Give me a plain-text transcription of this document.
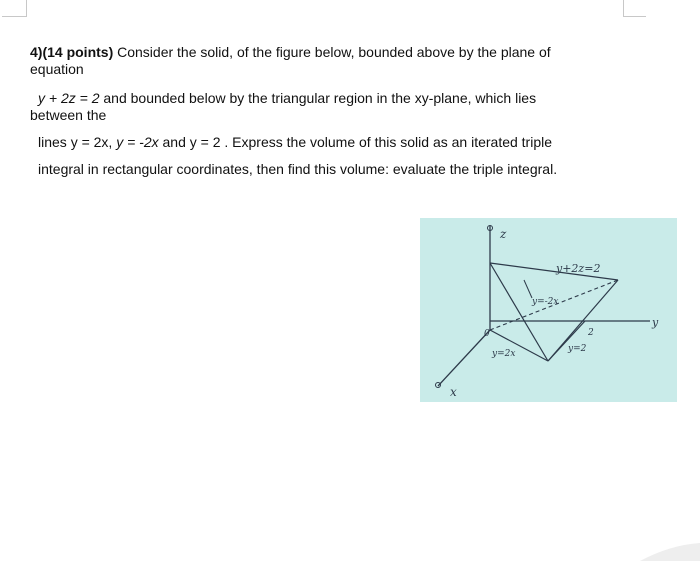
4)(14 points) Consider the solid, of the figure below, bounded above by the plane of
equation
y + 2z = 2 and bounded below by the triangular region in the xy-plane, which lies
between the
lines y = 2x, y = -2x and y = 2 . Express the volume of this solid as an iterated triple
integral in rectangular coordinates, then find this volume: evaluate the triple integral.
z
x
y
y+2z=2
y=-2x
y=2x	y=2
2
0
